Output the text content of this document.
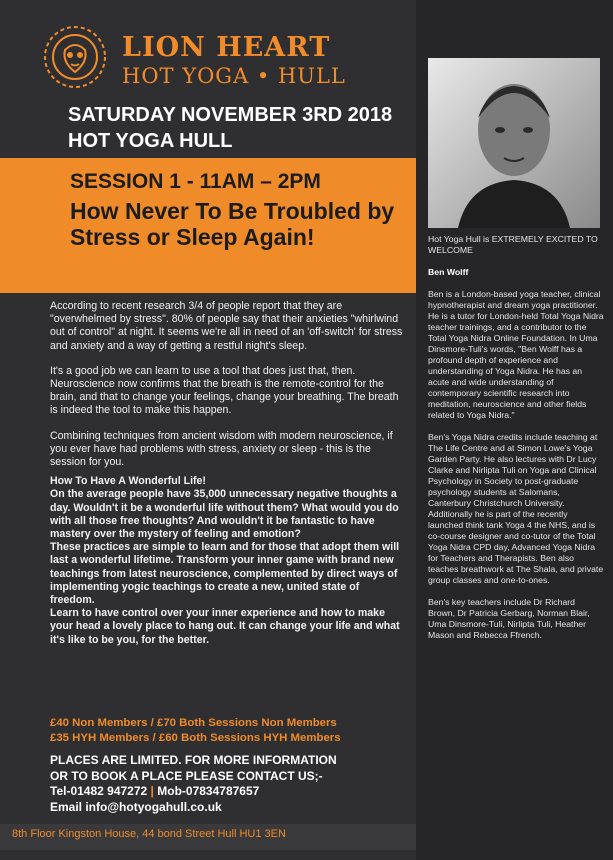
LION HEART
HOT YOGA • HULL
SATURDAY NOVEMBER 3RD 2018
HOT YOGA HULL
SESSION 1 - 11AM – 2PM
How Never To Be Troubled by Stress or Sleep Again!

According to recent research 3/4 of people report that they are "overwhelmed by stress". 80% of people say that their anxieties "whirlwind out of control" at night. It seems we're all in need of an 'off-switch' for stress and anxiety and a way of getting a restful night's sleep.

It's a good job we can learn to use a tool that does just that, then. Neuroscience now confirms that the breath is the remote-control for the brain, and that to change your feelings, change your breathing. The breath is indeed the tool to make this happen.

Combining techniques from ancient wisdom with modern neuroscience, if you ever have had problems with stress, anxiety or sleep - this is the session for you.

How To Have A Wonderful Life!
On the average people have 35,000 unnecessary negative thoughts a day. Wouldn't it be a wonderful life without them? What would you do with all those free thoughts? And wouldn't it be fantastic to have mastery over the mystery of feeling and emotion?
These practices are simple to learn and for those that adopt them will last a wonderful lifetime. Transform your inner game with brand new teachings from latest neuroscience, complemented by direct ways of implementing yogic teachings to create a new, united state of freedom.
Learn to have control over your inner experience and how to make your head a lovely place to hang out. It can change your life and what it's like to be you, for the better.
£40 Non Members / £70 Both Sessions Non Members
£35 HYH Members / £60 Both Sessions HYH Members
PLACES ARE LIMITED. FOR MORE INFORMATION
OR TO BOOK A PLACE PLEASE CONTACT US;-
Tel-01482 947272 | Mob-07834787657
Email info@hotyogahull.co.uk
8th Floor Kingston House, 44 bond Street Hull HU1 3EN

Hot Yoga Hull is EXTREMELY EXCITED TO WELCOME

Ben Wolff

Ben is a London-based yoga teacher, clinical hypnotherapist and dream yoga practitioner. He is a tutor for London-held Total Yoga Nidra teacher trainings, and a contributor to the Total Yoga Nidra Online Foundation. In Uma Dinsmore-Tuli's words, "Ben Wolff has a profound depth of experience and understanding of Yoga Nidra. He has an acute and wide understanding of contemporary scientific research into meditation, neuroscience and other fields related to Yoga Nidra."

Ben's Yoga Nidra credits include teaching at The Life Centre and at Simon Lowe's Yoga Garden Party. He also lectures with Dr Lucy Clarke and Nirlipta Tuli on Yoga and Clinical Psychology in Society to post-graduate psychology students at Salomans, Canterbury Christchurch University. Additionally he is part of the recently launched think tank Yoga 4 the NHS, and is co-course designer and co-tutor of the Total Yoga Nidra CPD day, Advanced Yoga Nidra for Teachers and Therapists. Ben also teaches breathwork at The Shala, and private group classes and one-to-ones.

Ben's key teachers include Dr Richard Brown, Dr Patricia Gerbarg, Norman Blair, Uma Dinsmore-Tuli, Nirlipta Tuli, Heather Mason and Rebecca Ffrench.
